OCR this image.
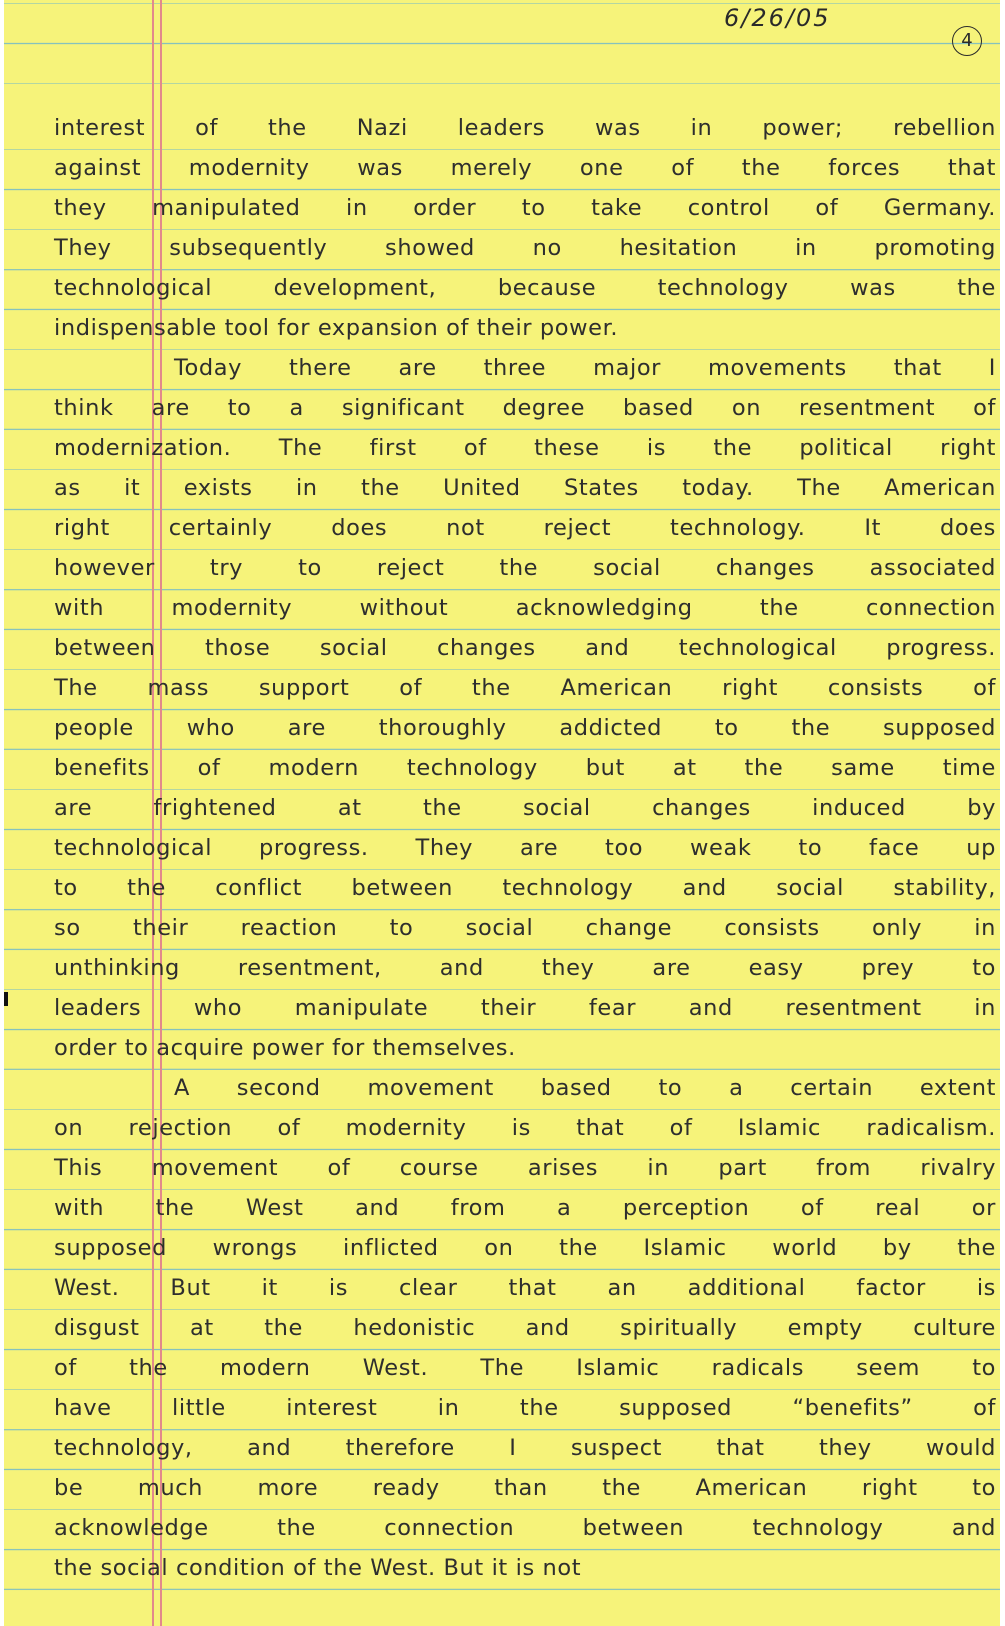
6/26/05
4
interest of the Nazi leaders was in power; rebellion
against modernity was merely one of the forces that
they manipulated in order to take control of Germany.
They subsequently showed no hesitation in promoting
technological development, because technology was the
indispensable tool for expansion of their power.
Today there are three major movements that I
think are to a significant degree based on resentment of
modernization. The first of these is the political right
as it exists in the United States today. The American
right certainly does not reject technology. It does
however try to reject the social changes associated
with modernity without acknowledging the connection
between those social changes and technological progress.
The mass support of the American right consists of
people who are thoroughly addicted to the supposed
benefits of modern technology but at the same time
are frightened at the social changes induced by
technological progress. They are too weak to face up
to the conflict between technology and social stability,
so their reaction to social change consists only in
unthinking resentment, and they are easy prey to
leaders who manipulate their fear and resentment in
order to acquire power for themselves.
A second movement based to a certain extent
on rejection of modernity is that of Islamic radicalism.
This movement of course arises in part from rivalry
with the West and from a perception of real or
supposed wrongs inflicted on the Islamic world by the
West. But it is clear that an additional factor is
disgust at the hedonistic and spiritually empty culture
of the modern West. The Islamic radicals seem to
have little interest in the supposed “benefits” of
technology, and therefore I suspect that they would
be much more ready than the American right to
acknowledge the connection between technology and
the social condition of the West. But it is not
